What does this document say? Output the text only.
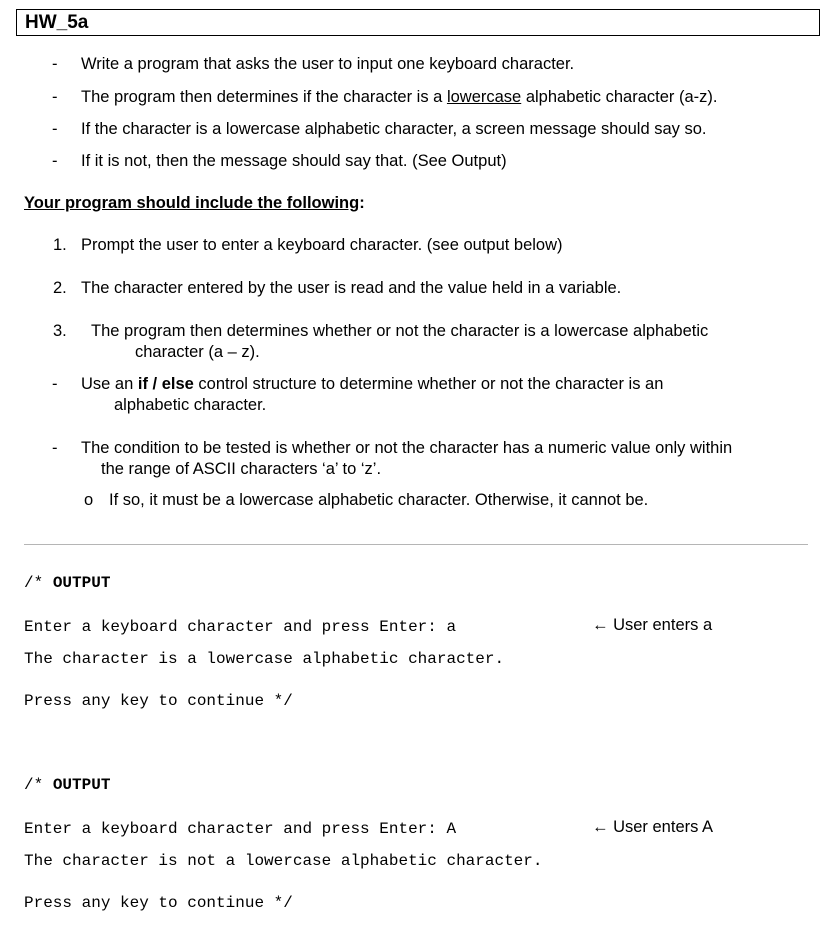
HW_5a
- Write a program that asks the user to input one keyboard character.
- The program then determines if the character is a lowercase alphabetic character (a-z).
- If the character is a lowercase alphabetic character, a screen message should say so.
- If it is not, then the message should say that. (See Output)
Your program should include the following:
1. Prompt the user to enter a keyboard character. (see output below)
2. The character entered by the user is read and the value held in a variable.
3. The program then determines whether or not the character is a lowercase alphabetic
character (a – z).
- Use an if / else control structure to determine whether or not the character is an
alphabetic character.
- The condition to be tested is whether or not the character has a numeric value only within
the range of ASCII characters ‘a’ to ‘z’.
o If so, it must be a lowercase alphabetic character. Otherwise, it cannot be.
/* OUTPUT
Enter a keyboard character and press Enter: a	← User enters a
The character is a lowercase alphabetic character.
Press any key to continue */
/* OUTPUT
Enter a keyboard character and press Enter: A	← User enters A
The character is not a lowercase alphabetic character.
Press any key to continue */
